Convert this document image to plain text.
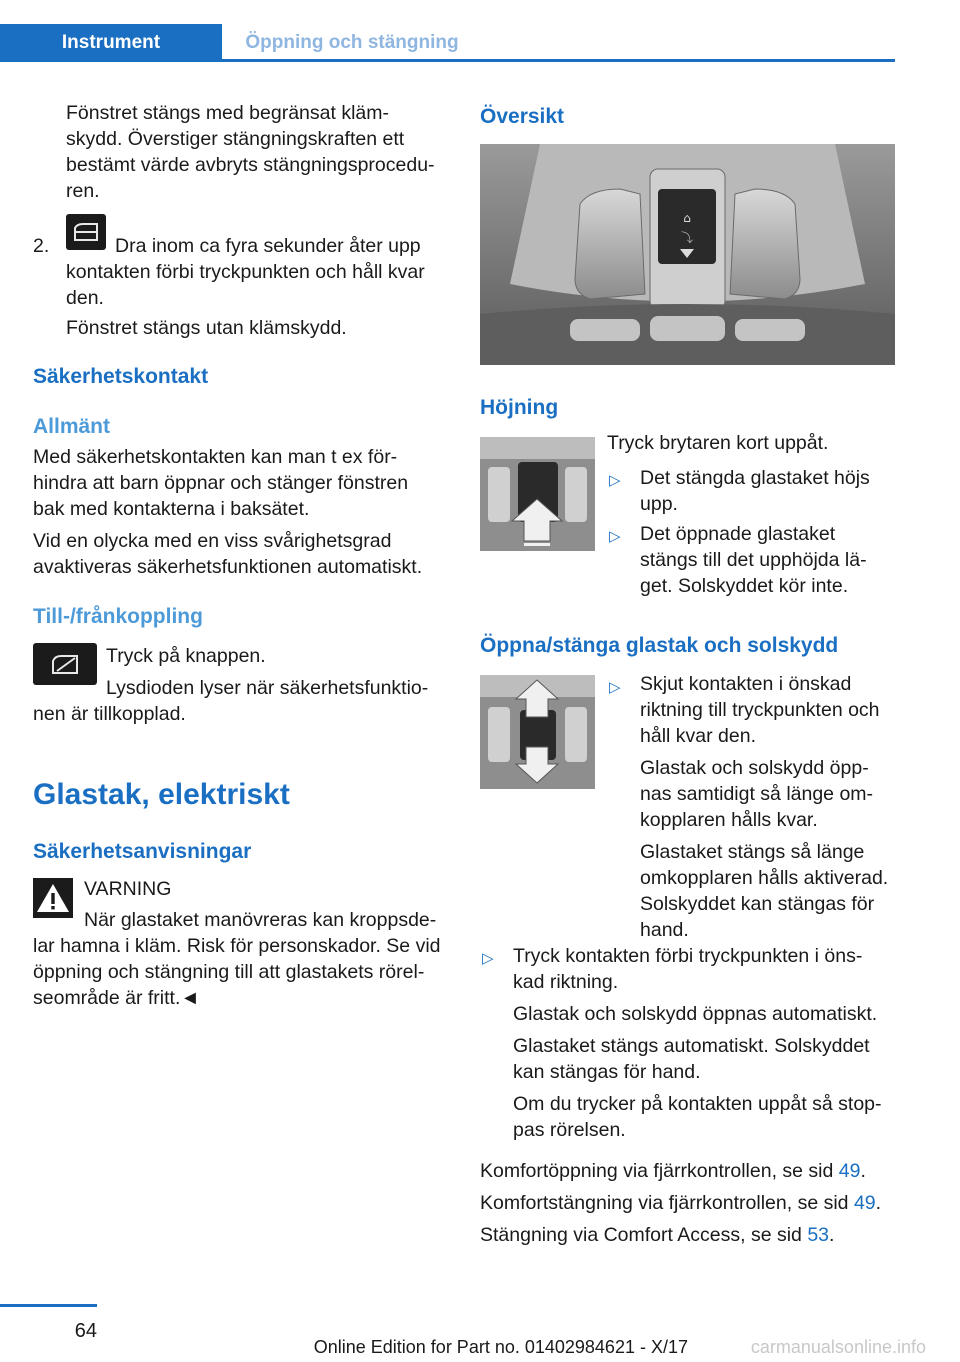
Instrument	Öppning och stängning
Fönstret stängs med begränsat kläm-
skydd. Överstiger stängningskraften ett
bestämt värde avbryts stängningsprocedu-
ren.
2.	Dra inom ca fyra sekunder åter upp
kontakten förbi tryckpunkten och håll kvar
den.
Fönstret stängs utan klämskydd.
Säkerhetskontakt
Allmänt
Med säkerhetskontakten kan man t ex för-
hindra att barn öppnar och stänger fönstren
bak med kontakterna i baksätet.
Vid en olycka med en viss svårighetsgrad
avaktiveras säkerhetsfunktionen automatiskt.
Till-/frånkoppling
Tryck på knappen.
Lysdioden lyser när säkerhetsfunktio-
nen är tillkopplad.
Glastak, elektriskt
Säkerhetsanvisningar
VARNING
När glastaket manövreras kan kroppsde-
lar hamna i kläm. Risk för personskador. Se vid
öppning och stängning till att glastakets rörel-
seområde är fritt.◄
Översikt
⌂
⤵
Höjning
Tryck brytaren kort uppåt.
▷ Det stängda glastaket höjs
upp.
▷ Det öppnade glastaket
stängs till det upphöjda lä-
get. Solskyddet kör inte.
Öppna/stänga glastak och solskydd
▷ Skjut kontakten i önskad
riktning till tryckpunkten och
håll kvar den.
Glastak och solskydd öpp-
nas samtidigt så länge om-
kopplaren hålls kvar.
Glastaket stängs så länge
omkopplaren hålls aktiverad.
Solskyddet kan stängas för
hand.
▷ Tryck kontakten förbi tryckpunkten i öns-
kad riktning.
Glastak och solskydd öppnas automatiskt.
Glastaket stängs automatiskt. Solskyddet
kan stängas för hand.
Om du trycker på kontakten uppåt så stop-
pas rörelsen.
Komfortöppning via fjärrkontrollen, se sid 49.
Komfortstängning via fjärrkontrollen, se sid 49.
Stängning via Comfort Access, se sid 53.
64
Online Edition for Part no. 01402984621 - X/17	carmanualsonline.info
